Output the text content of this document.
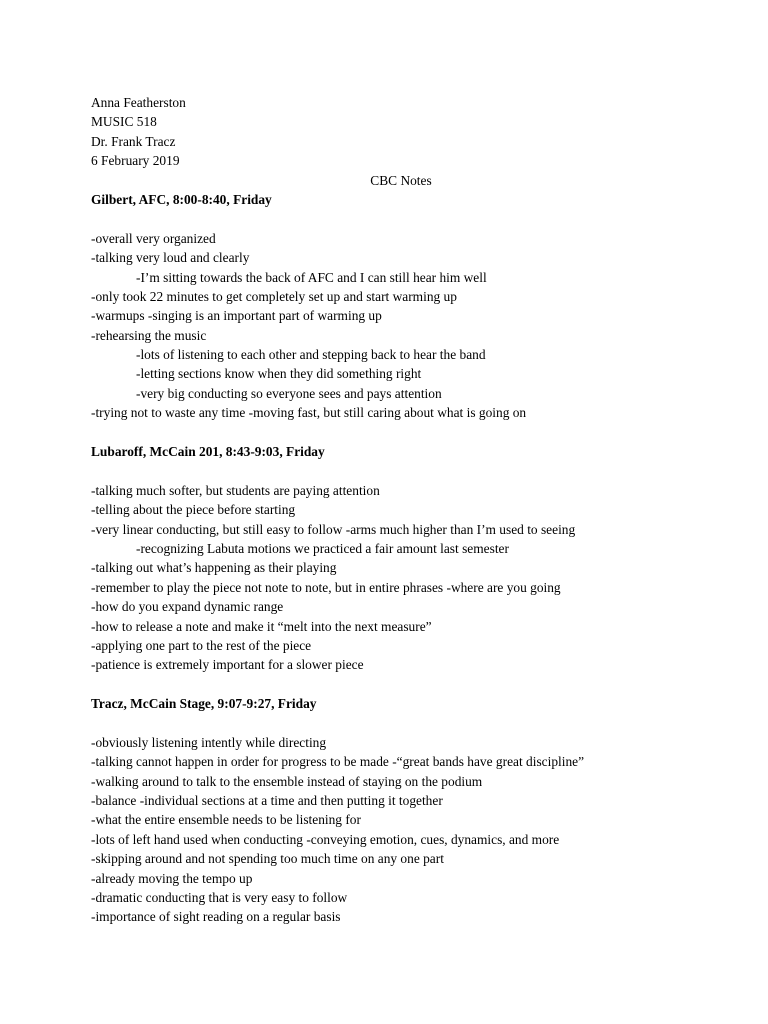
Anna Featherston
MUSIC 518
Dr. Frank Tracz
6 February 2019
CBC Notes
Gilbert, AFC, 8:00-8:40, Friday
-overall very organized
-talking very loud and clearly
-I’m sitting towards the back of AFC and I can still hear him well
-only took 22 minutes to get completely set up and start warming up
-warmups -singing is an important part of warming up
-rehearsing the music
-lots of listening to each other and stepping back to hear the band
-letting sections know when they did something right
-very big conducting so everyone sees and pays attention
-trying not to waste any time -moving fast, but still caring about what is going on
Lubaroff, McCain 201, 8:43-9:03, Friday
-talking much softer, but students are paying attention
-telling about the piece before starting
-very linear conducting, but still easy to follow -arms much higher than I’m used to seeing
-recognizing Labuta motions we practiced a fair amount last semester
-talking out what’s happening as their playing
-remember to play the piece not note to note, but in entire phrases -where are you going
-how do you expand dynamic range
-how to release a note and make it “melt into the next measure”
-applying one part to the rest of the piece
-patience is extremely important for a slower piece
Tracz, McCain Stage, 9:07-9:27, Friday
-obviously listening intently while directing
-talking cannot happen in order for progress to be made -“great bands have great discipline”
-walking around to talk to the ensemble instead of staying on the podium
-balance -individual sections at a time and then putting it together
-what the entire ensemble needs to be listening for
-lots of left hand used when conducting -conveying emotion, cues, dynamics, and more
-skipping around and not spending too much time on any one part
-already moving the tempo up
-dramatic conducting that is very easy to follow
-importance of sight reading on a regular basis
